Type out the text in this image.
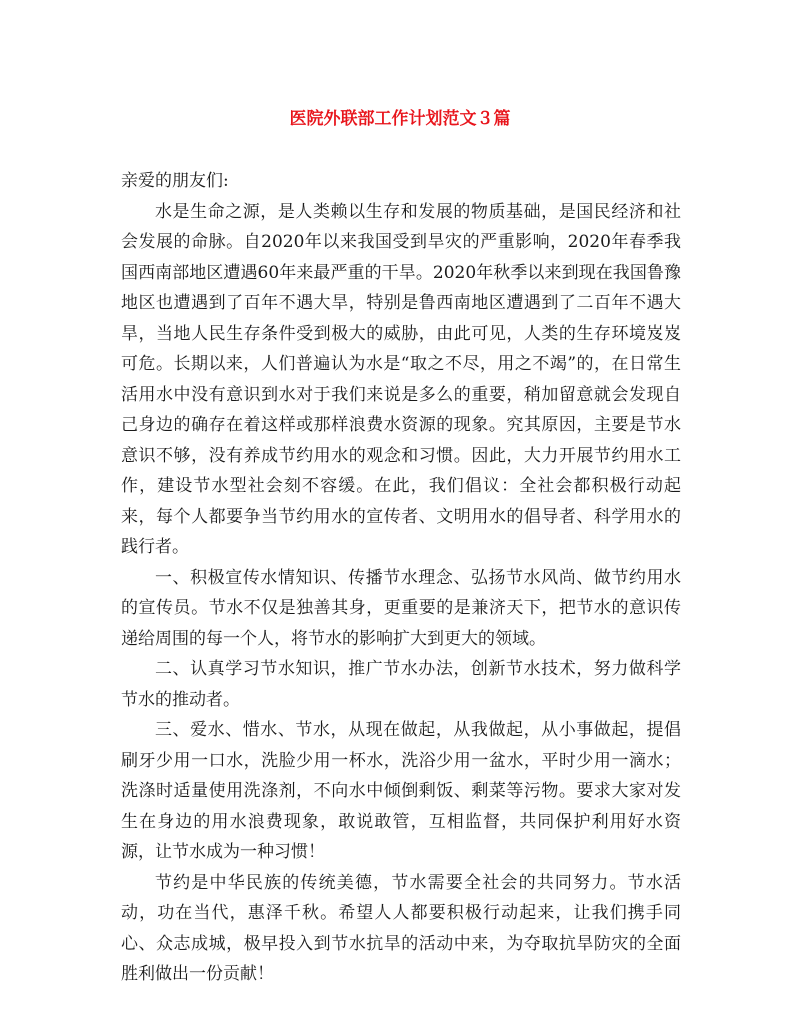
医院外联部工作计划范文３篇

亲爱的朋友们:

水是生命之源，是人类赖以生存和发展的物质基础，是国民经济和社会发展的命脉。自2020年以来我国受到旱灾的严重影响，2020年春季我国西南部地区遭遇60年来最严重的干旱。2020年秋季以来到现在我国鲁豫地区也遭遇到了百年不遇大旱，特别是鲁西南地区遭遇到了二百年不遇大旱，当地人民生存条件受到极大的威胁，由此可见，人类的生存环境岌岌可危。长期以来，人们普遍认为水是“取之不尽，用之不竭”的，在日常生活用水中没有意识到水对于我们来说是多么的重要，稍加留意就会发现自己身边的确存在着这样或那样浪费水资源的现象。究其原因，主要是节水意识不够，没有养成节约用水的观念和习惯。因此，大力开展节约用水工作，建设节水型社会刻不容缓。在此，我们倡议：全社会都积极行动起来，每个人都要争当节约用水的宣传者、文明用水的倡导者、科学用水的践行者。

一、积极宣传水情知识、传播节水理念、弘扬节水风尚、做节约用水的宣传员。节水不仅是独善其身，更重要的是兼济天下，把节水的意识传递给周围的每一个人，将节水的影响扩大到更大的领域。

二、认真学习节水知识，推广节水办法，创新节水技术，努力做科学节水的推动者。

三、爱水、惜水、节水，从现在做起，从我做起，从小事做起，提倡刷牙少用一口水，洗脸少用一杯水，洗浴少用一盆水，平时少用一滴水；洗涤时适量使用洗涤剂，不向水中倾倒剩饭、剩菜等污物。要求大家对发生在身边的用水浪费现象，敢说敢管，互相监督，共同保护利用好水资源，让节水成为一种习惯！

节约是中华民族的传统美德，节水需要全社会的共同努力。节水活动，功在当代，惠泽千秋。希望人人都要积极行动起来，让我们携手同心、众志成城，极早投入到节水抗旱的活动中来，为夺取抗旱防灾的全面胜利做出一份贡献！
